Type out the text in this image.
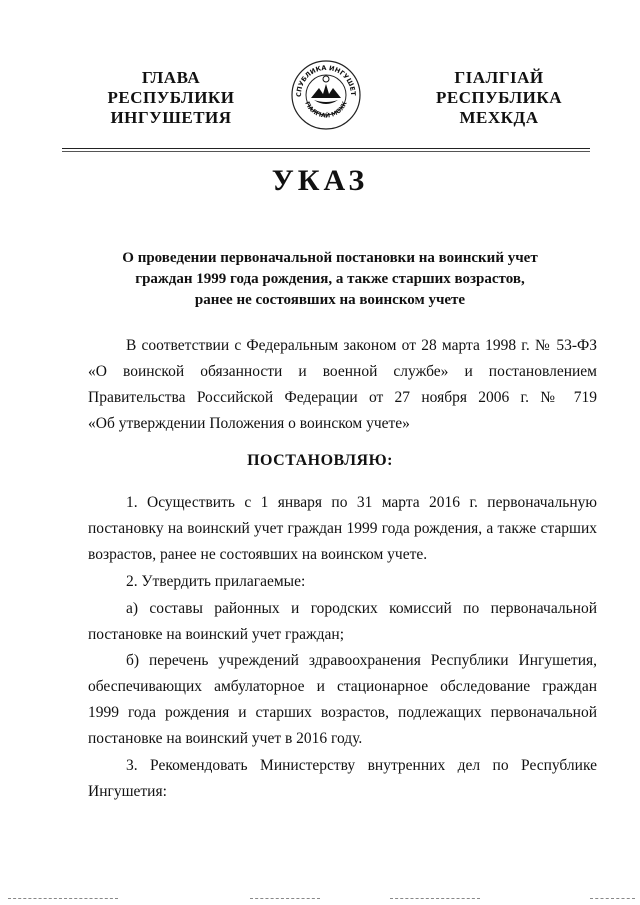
ГЛАВА
РЕСПУБЛИКИ
ИНГУШЕТИЯ
СПУБЛИКА ИНГУШЕТ
ГIАЛГIАЙ МОХК
ГIАЛГIАЙ
РЕСПУБЛИКА
МЕХКДА
УКАЗ
О проведении первоначальной постановки на воинский учет
граждан 1999 года рождения, а также старших возрастов,
ранее не состоявших на воинском учете
В соответствии с Федеральным законом от 28 марта 1998 г. № 53-ФЗ
«О воинской обязанности и военной службе» и постановлением
Правительства Российской Федерации от 27 ноября 2006 г. № 719
«Об утверждении Положения о воинском учете»
ПОСТАНОВЛЯЮ:
1. Осуществить с 1 января по 31 марта 2016 г. первоначальную
постановку на воинский учет граждан 1999 года рождения, а также старших
возрастов, ранее не состоявших на воинском учете.
2. Утвердить прилагаемые:
а) составы районных и городских комиссий по первоначальной
постановке на воинский учет граждан;
б) перечень учреждений здравоохранения Республики Ингушетия,
обеспечивающих амбулаторное и стационарное обследование граждан
1999 года рождения и старших возрастов, подлежащих первоначальной
постановке на воинский учет в 2016 году.
3. Рекомендовать Министерству внутренних дел по Республике
Ингушетия:
